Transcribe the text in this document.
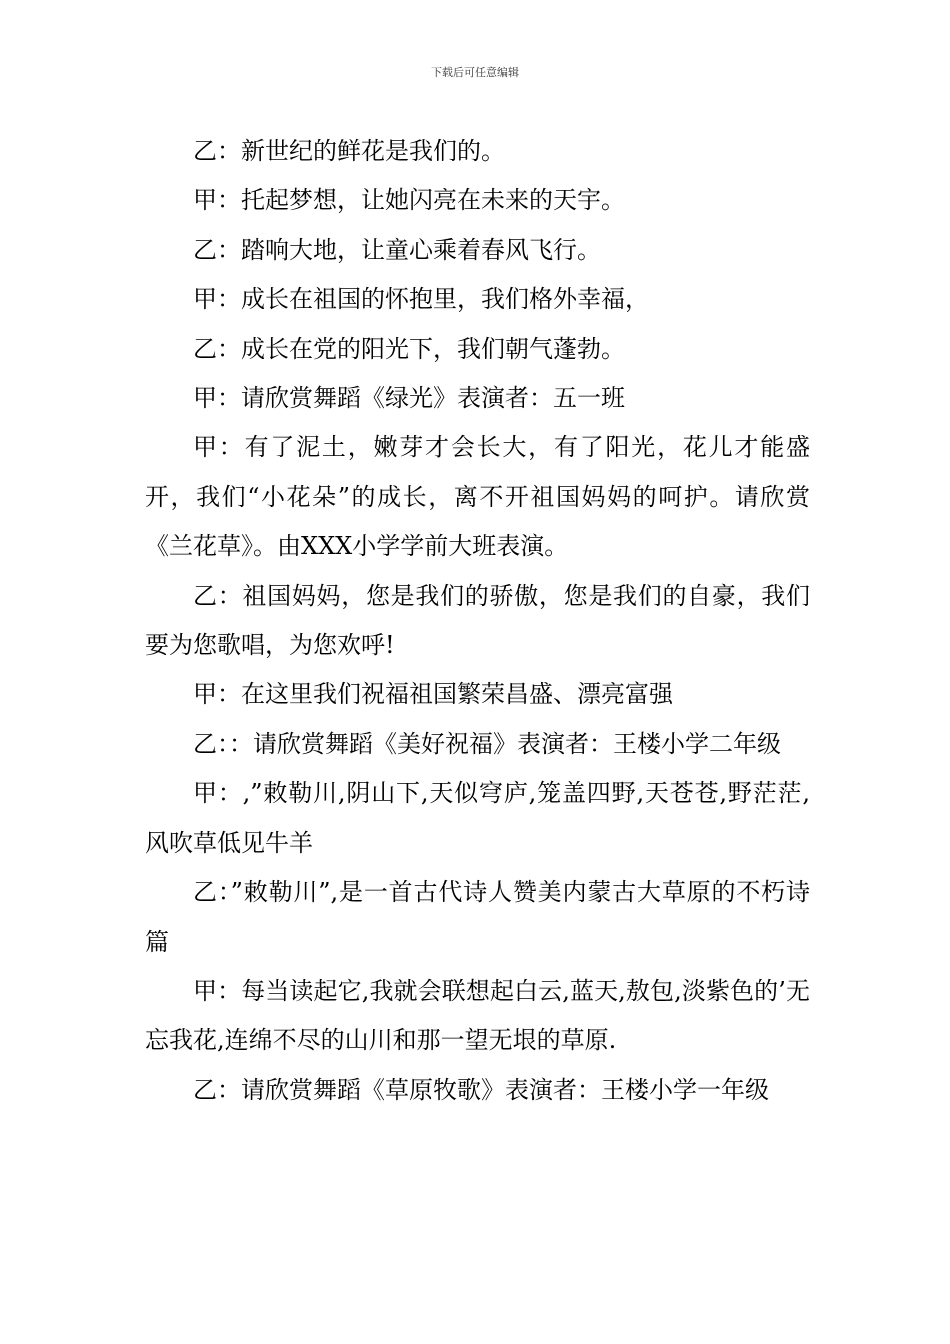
下载后可任意编辑

乙：新世纪的鲜花是我们的。

甲：托起梦想，让她闪亮在未来的天宇。

乙：踏响大地，让童心乘着春风飞行。

甲：成长在祖国的怀抱里，我们格外幸福，

乙：成长在党的阳光下，我们朝气蓬勃。

甲：请欣赏舞蹈《绿光》表演者：五一班

甲：有了泥土，嫩芽才会长大，有了阳光，花儿才能盛开，我们“小花朵”的成长，离不开祖国妈妈的呵护。请欣赏《兰花草》。由XXX小学学前大班表演。

乙：祖国妈妈，您是我们的骄傲，您是我们的自豪，我们要为您歌唱，为您欢呼!

甲：在这里我们祝福祖国繁荣昌盛、漂亮富强

乙：：请欣赏舞蹈《美好祝福》表演者：王楼小学二年级

甲：,”敕勒川,阴山下,天似穹庐,笼盖四野,天苍苍,野茫茫,风吹草低见牛羊

乙：”敕勒川”,是一首古代诗人赞美内蒙古大草原的不朽诗篇

甲：每当读起它,我就会联想起白云,蓝天,敖包,淡紫色的’无忘我花,连绵不尽的山川和那一望无垠的草原.

乙：请欣赏舞蹈《草原牧歌》表演者：王楼小学一年级
